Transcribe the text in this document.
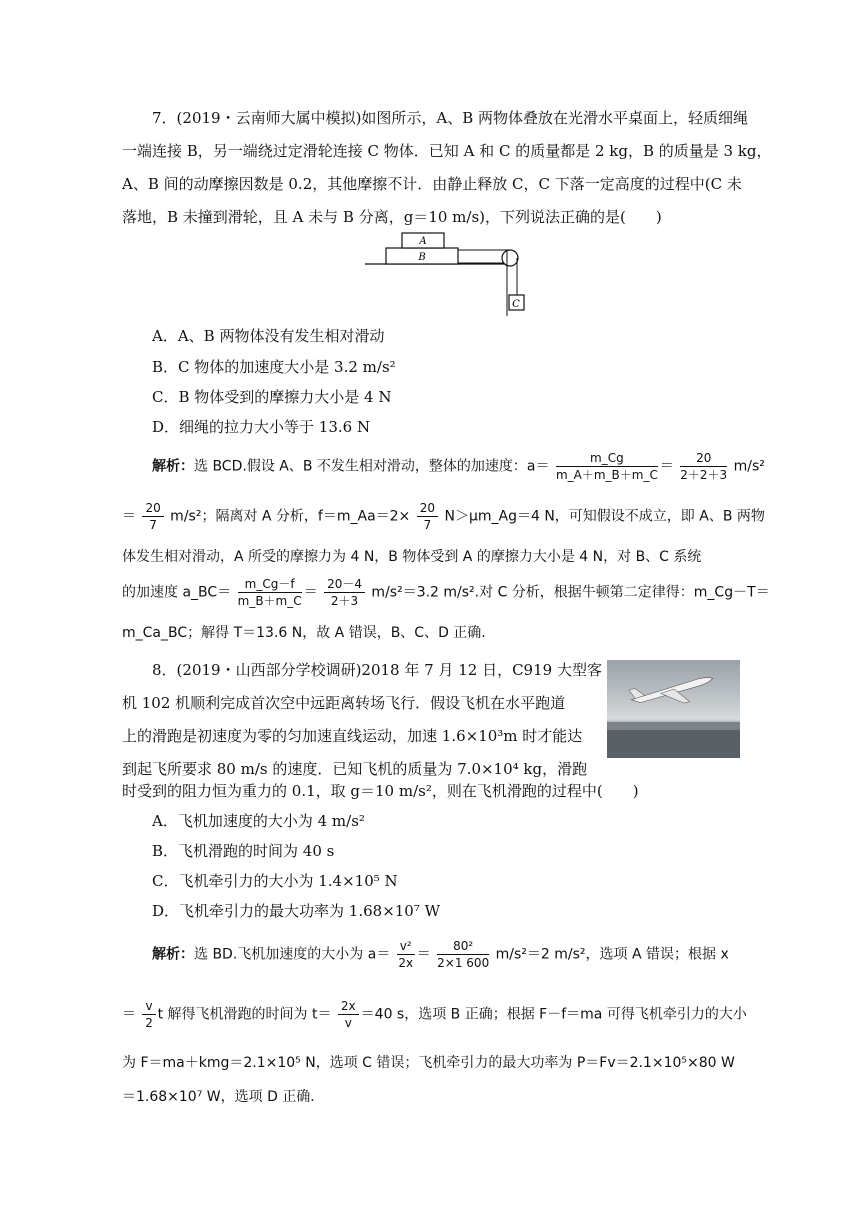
7．(2019・云南师大属中模拟)如图所示，A、B 两物体叠放在光滑水平桌面上，轻质细绳
一端连接 B，另一端绕过定滑轮连接 C 物体．已知 A 和 C 的质量都是 2 kg，B 的质量是 3 kg，
A、B 间的动摩擦因数是 0.2，其他摩擦不计．由静止释放 C，C 下落一定高度的过程中(C 未
落地，B 未撞到滑轮，且 A 未与 B 分离，g＝10 m/s)，下列说法正确的是(　　)
A
B
C
A．A、B 两物体没有发生相对滑动
B．C 物体的加速度大小是 3.2 m/s²
C．B 物体受到的摩擦力大小是 4 N
D．细绳的拉力大小等于 13.6 N
解析：选 BCD.假设 A、B 不发生相对滑动，整体的加速度：$a= \frac{m\_Cg}{m\_A+m\_B+m\_C} = \frac{20}{2+2+3} m/s^2$
＝ $\frac{20}{7} m/s^2$；隔离对 A 分析，f＝m_Aa＝2× $\frac{20}{7}$ N＞μm_Ag＝4 N，可知假设不成立，即 A、B 两物
体发生相对滑动，A 所受的摩擦力为 4 N，B 物体受到 A 的摩擦力大小是 4 N，对 B、C 系统
的加速度 a_BC＝ $\frac{m\_Cg-f}{m\_B+m\_C} = \frac{20-4}{2+3} m/s^2=3.2$ m/s².对 C 分析，根据牛顿第二定律得：m_Cg－T＝
m_Ca_BC；解得 T＝13.6 N，故 A 错误，B、C、D 正确．
8．(2019・山西部分学校调研)2018 年 7 月 12 日，C919 大型客
机 102 机顺利完成首次空中远距离转场飞行．假设飞机在水平跑道
上的滑跑是初速度为零的匀加速直线运动，加速 1.6×10³m 时才能达
到起飞所要求 80 m/s 的速度．已知飞机的质量为 7.0×10⁴ kg，滑跑
时受到的阻力恒为重力的 0.1，取 g＝10 m/s²，则在飞机滑跑的过程中(　　)
A．飞机加速度的大小为 4 m/s²
B．飞机滑跑的时间为 40 s
C．飞机牵引力的大小为 1.4×10⁵ N
D．飞机牵引力的最大功率为 1.68×10⁷ W
解析：选 BD.飞机加速度的大小为 $a= \frac{\text{v²}}{2x} = \frac{\text{80²}}{2\times 1 600} m/s^2=2$ m/s²，选项 A 错误；根据 x
＝ $\frac{v}{2}$ t 解得飞机滑跑的时间为 $t= \frac{2x}{v} =40$ s，选项 B 正确；根据 F－f＝ma 可得飞机牵引力的大小
为 F＝ma＋kmg＝2.1×10⁵ N，选项 C 错误；飞机牵引力的最大功率为 P＝Fv＝2.1×10⁵×80 W
＝1.68×10⁷ W，选项 D 正确．
